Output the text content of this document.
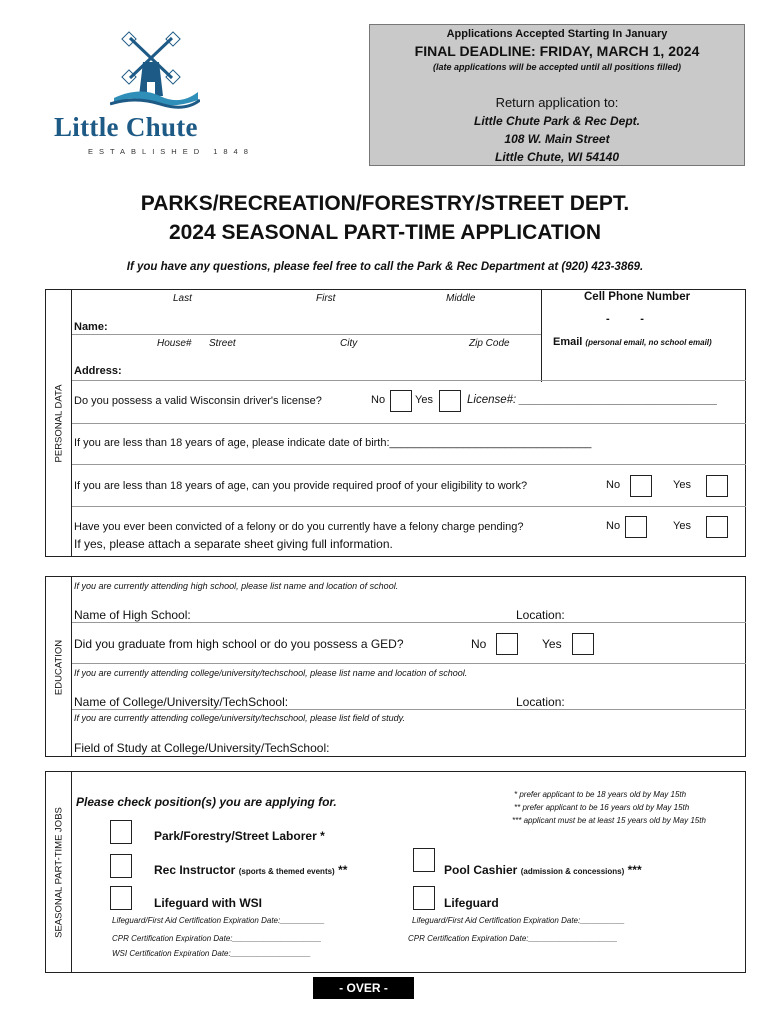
Little Chute
ESTABLISHED 1848
Applications Accepted Starting In January
FINAL DEADLINE: FRIDAY, MARCH 1, 2024
(late applications will be accepted until all positions filled)
Return application to:
Little Chute Park & Rec Dept.
108 W. Main Street
Little Chute, WI 54140
PARKS/RECREATION/FORESTRY/STREET DEPT.
2024 SEASONAL PART-TIME APPLICATION
If you have any questions, please feel free to call the Park & Rec Department at (920) 423-3869.
PERSONAL DATA
Last	First	Middle	Cell Phone Number
-          -
Name:
House# Street	City	Zip Code	Email (personal email, no school email)
Address:
Do you possess a valid Wisconsin driver's license?	No	Yes	License#: _______________________________
If you are less than 18 years of age, please indicate date of birth:_________________________________
If you are less than 18 years of age, can you provide required proof of your eligibility to work?	No	Yes
Have you ever been convicted of a felony or do you currently have a felony charge pending?	No	Yes
If yes, please attach a separate sheet giving full information.
EDUCATION
If you are currently attending high school, please list name and location of school.
Name of High School:	Location:
Did you graduate from high school or do you possess a GED?	No	Yes
If you are currently attending college/university/techschool, please list name and location of school.
Name of College/University/TechSchool:	Location:
If you are currently attending college/university/techschool, please list field of study.
Field of Study at College/University/TechSchool:
SEASONAL PART-TIME JOBS
Please check position(s) you are applying for.
* prefer applicant to be 18 years old by May 15th
** prefer applicant to be 16 years old by May 15th
*** applicant must be at least 15 years old by May 15th
Park/Forestry/Street Laborer *
Rec Instructor (sports & themed events) **	Pool Cashier (admission & concessions) ***
Lifeguard with WSI	Lifeguard
Lifeguard/First Aid Certification Expiration Date:__________
CPR Certification Expiration Date:____________________
WSI Certification Expiration Date:__________________
Lifeguard/First Aid Certification Expiration Date:__________
CPR Certification Expiration Date:____________________
- OVER -
